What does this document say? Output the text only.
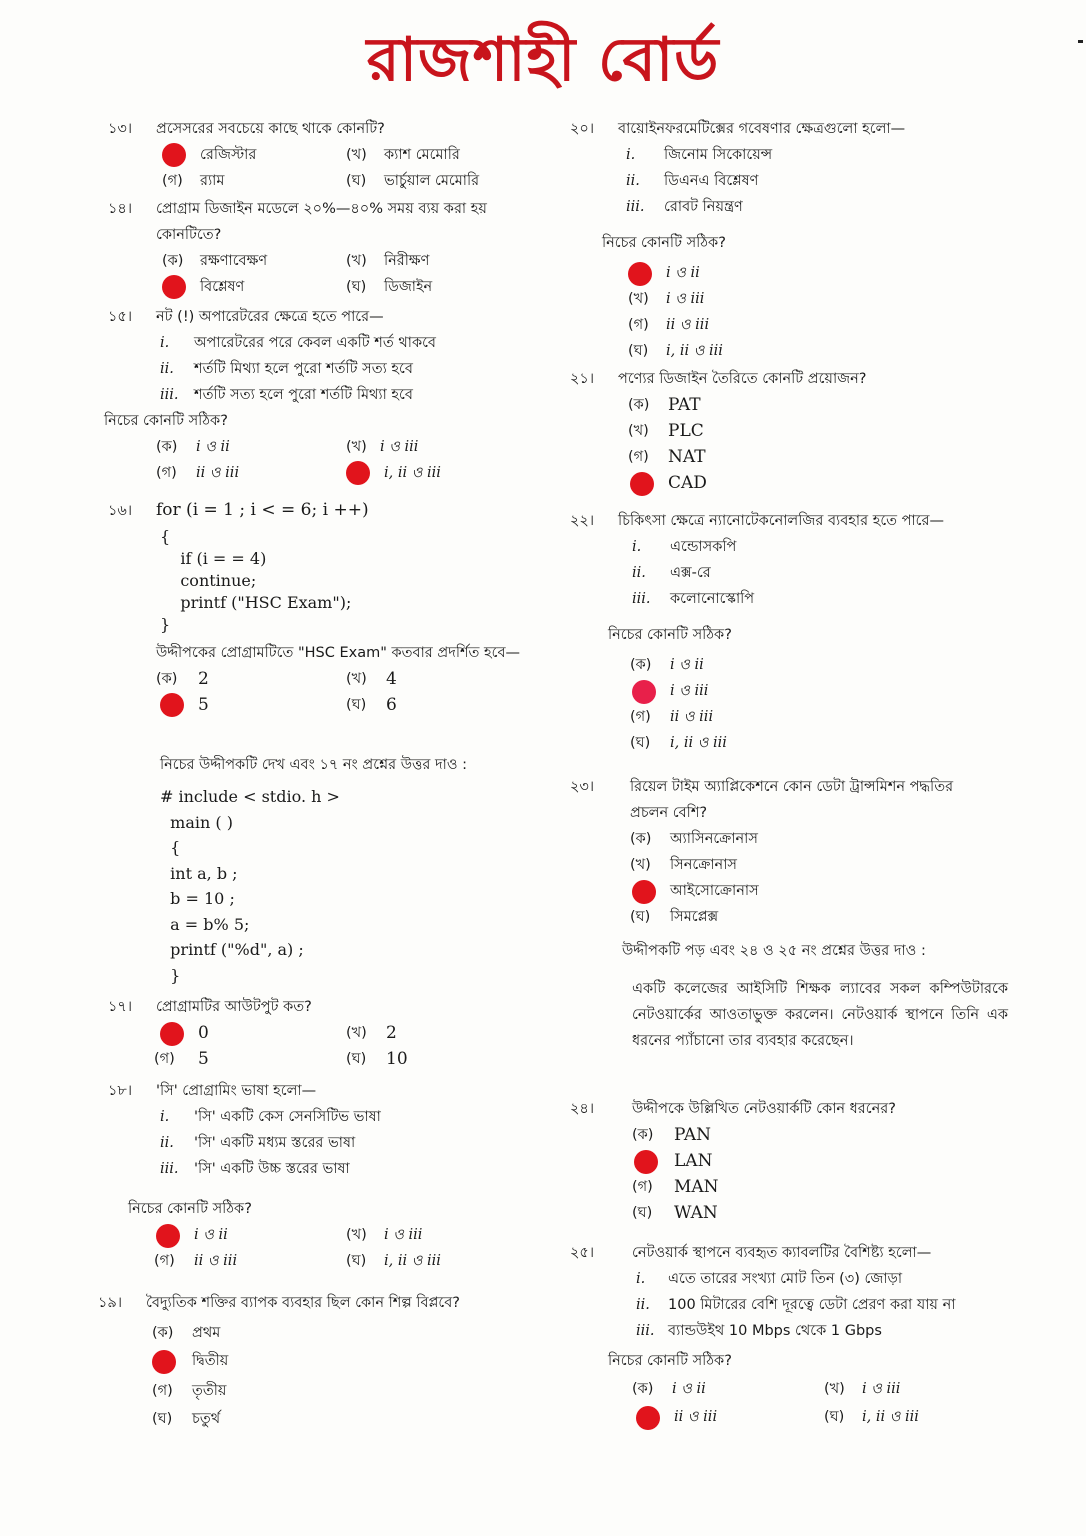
রাজশাহী বোর্ড
১৩।	প্রসেসরের সবচেয়ে কাছে থাকে কোনটি?
রেজিস্টার	(খ) ক্যাশ মেমোরি
(গ) র‍্যাম	(ঘ) ভার্চুয়াল মেমোরি
১৪।	প্রোগ্রাম ডিজাইন মডেলে ২০%—৪০% সময় ব্যয় করা হয় কোনটিতে?
(ক) রক্ষণাবেক্ষণ	(খ) নিরীক্ষণ
বিশ্লেষণ	(ঘ) ডিজাইন
১৫।	নট (!) অপারেটরের ক্ষেত্রে হতে পারে—
i. অপারেটরের পরে কেবল একটি শর্ত থাকবে
ii. শর্তটি মিথ্যা হলে পুরো শর্তটি সত্য হবে
iii. শর্তটি সত্য হলে পুরো শর্তটি মিথ্যা হবে
নিচের কোনটি সঠিক?
(ক) i ও ii	(খ) i ও iii
(গ) ii ও iii	i, ii ও iii
১৬।	for (i = 1 ; i < = 6; i ++)
{
if (i = = 4)
continue;
printf ("HSC Exam");
}
উদ্দীপকের প্রোগ্রামটিতে "HSC Exam" কতবার প্রদর্শিত হবে—
(ক) 2	(খ) 4
5	(ঘ) 6
নিচের উদ্দীপকটি দেখ এবং ১৭ নং প্রশ্নের উত্তর দাও :
# include < stdio. h >
main ( )
{
int a, b ;
b = 10 ;
a = b% 5;
printf ("%d", a) ;
}
১৭।	প্রোগ্রামটির আউটপুট কত?
0	(খ) 2
(গ) 5	(ঘ) 10
১৮।	'সি' প্রোগ্রামিং ভাষা হলো—
i. 'সি' একটি কেস সেনসিটিভ ভাষা
ii. 'সি' একটি মধ্যম স্তরের ভাষা
iii. 'সি' একটি উচ্চ স্তরের ভাষা
নিচের কোনটি সঠিক?
i ও ii	(খ) i ও iii
(গ) ii ও iii	(ঘ) i, ii ও iii
১৯।	বৈদ্যুতিক শক্তির ব্যাপক ব্যবহার ছিল কোন শিল্প বিপ্লবে?
(ক) প্রথম
দ্বিতীয়
(গ) তৃতীয়
(ঘ) চতুর্থ
২০।	বায়োইনফরমেটিক্সের গবেষণার ক্ষেত্রগুলো হলো—
i. জিনোম সিকোয়েন্স
ii. ডিএনএ বিশ্লেষণ
iii. রোবট নিয়ন্ত্রণ
নিচের কোনটি সঠিক?
i ও ii
(খ) i ও iii
(গ) ii ও iii
(ঘ) i, ii ও iii
২১।	পণ্যের ডিজাইন তৈরিতে কোনটি প্রয়োজন?
(ক) PAT
(খ) PLC
(গ) NAT
CAD
২২।	চিকিৎসা ক্ষেত্রে ন্যানোটেকনোলজির ব্যবহার হতে পারে—
i. এন্ডোসকপি
ii. এক্স-রে
iii. কলোনোস্কোপি
নিচের কোনটি সঠিক?
(ক) i ও ii
i ও iii
(গ) ii ও iii
(ঘ) i, ii ও iii
২৩।	রিয়েল টাইম অ্যাপ্লিকেশনে কোন ডেটা ট্রান্সমিশন পদ্ধতির প্রচলন বেশি?
(ক) অ্যাসিনক্রোনাস
(খ) সিনক্রোনাস
আইসোক্রোনাস
(ঘ) সিমপ্লেক্স
উদ্দীপকটি পড় এবং ২৪ ও ২৫ নং প্রশ্নের উত্তর দাও :
একটি কলেজের আইসিটি শিক্ষক ল্যাবের সকল কম্পিউটারকে নেটওয়ার্কের আওতাভুক্ত করলেন। নেটওয়ার্ক স্থাপনে তিনি এক ধরনের প্যাঁচানো তার ব্যবহার করেছেন।
২৪।	উদ্দীপকে উল্লিখিত নেটওয়ার্কটি কোন ধরনের?
(ক) PAN
LAN
(গ) MAN
(ঘ) WAN
২৫।	নেটওয়ার্ক স্থাপনে ব্যবহৃত ক্যাবলটির বৈশিষ্ট্য হলো—
i. এতে তারের সংখ্যা মোট তিন (৩) জোড়া
ii. 100 মিটারের বেশি দূরত্বে ডেটা প্রেরণ করা যায় না
iii. ব্যান্ডউইথ 10 Mbps থেকে 1 Gbps
নিচের কোনটি সঠিক?
(ক) i ও ii	(খ) i ও iii
ii ও iii	(ঘ) i, ii ও iii
